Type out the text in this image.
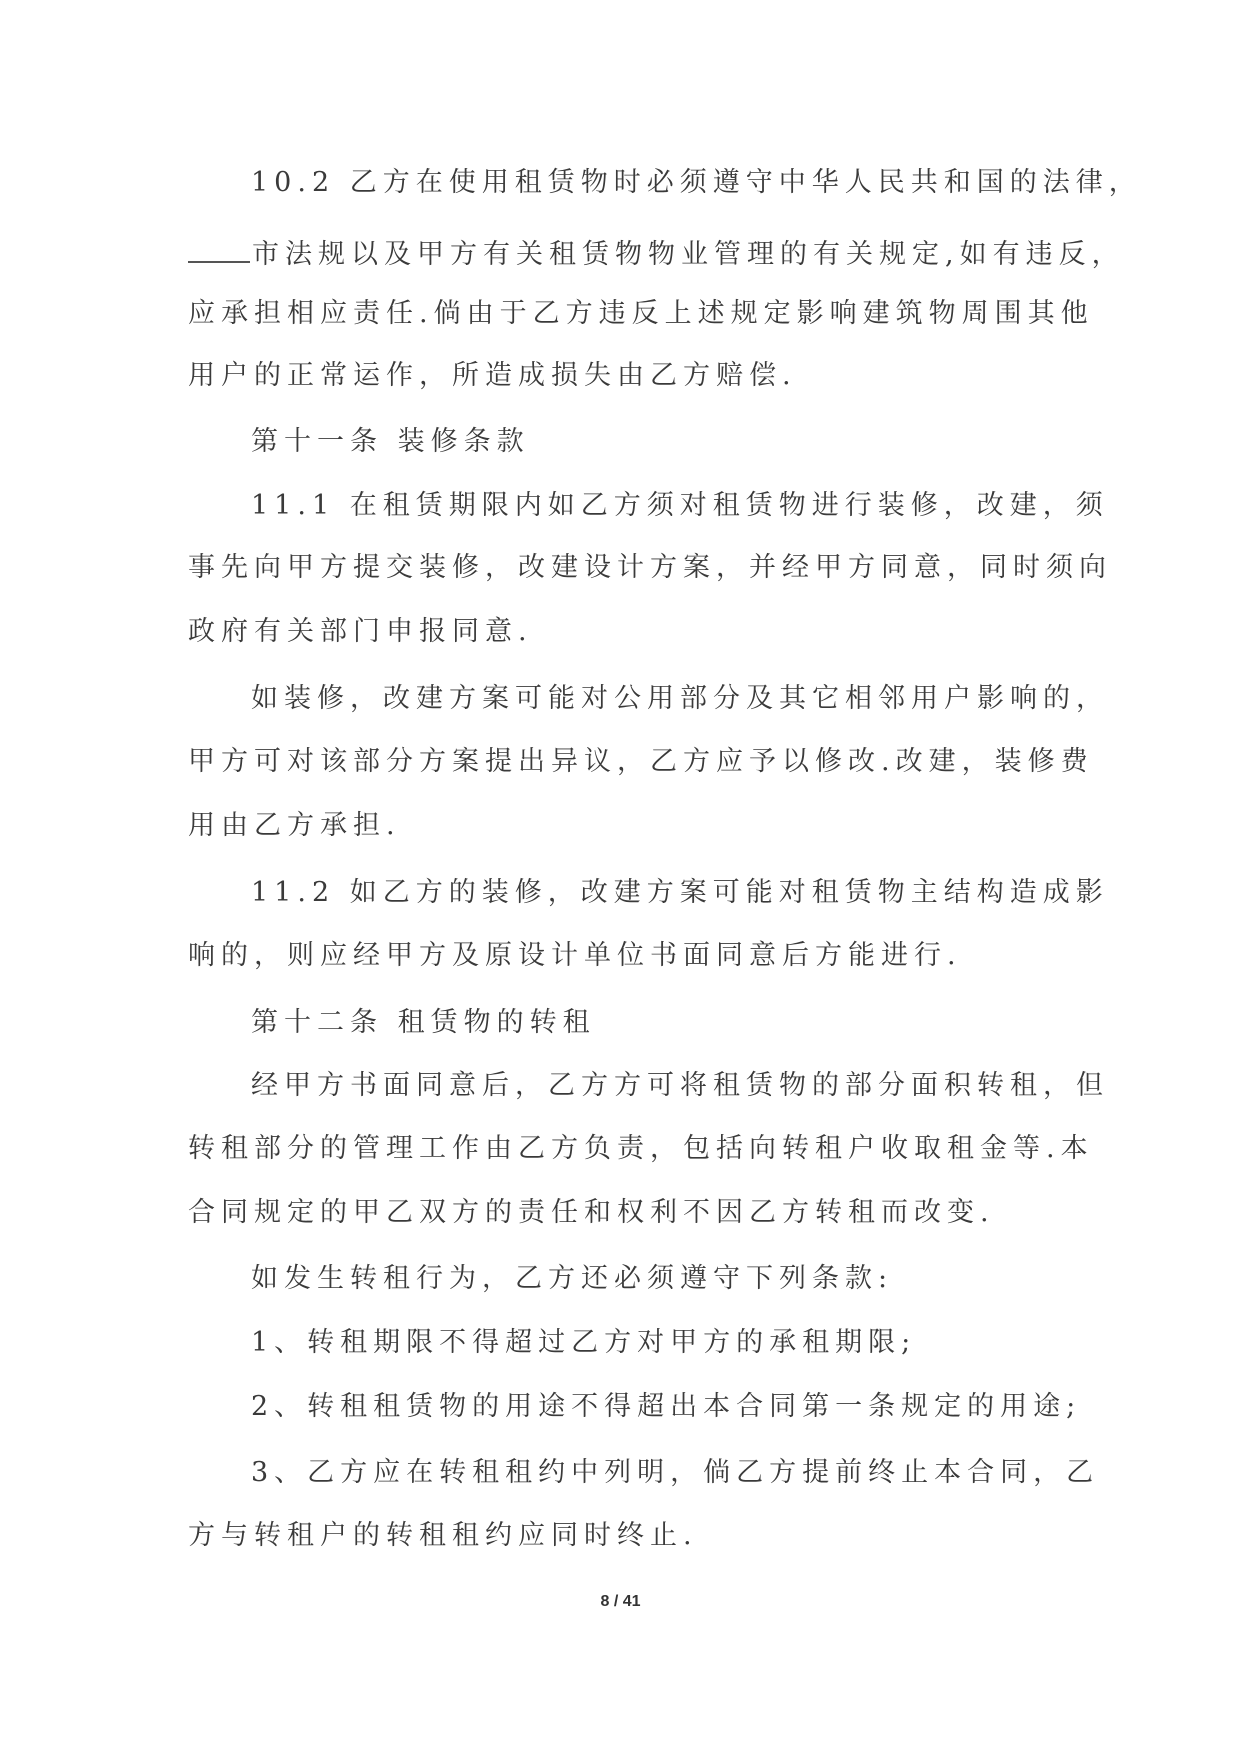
10.2 乙方在使用租赁物时必须遵守中华人民共和国的法律，
市法规以及甲方有关租赁物物业管理的有关规定,如有违反，
应承担相应责任.倘由于乙方违反上述规定影响建筑物周围其他
用户的正常运作，所造成损失由乙方赔偿.
第十一条 装修条款
11.1 在租赁期限内如乙方须对租赁物进行装修，改建，须
事先向甲方提交装修，改建设计方案，并经甲方同意，同时须向
政府有关部门申报同意.
如装修，改建方案可能对公用部分及其它相邻用户影响的，
甲方可对该部分方案提出异议，乙方应予以修改.改建，装修费
用由乙方承担.
11.2 如乙方的装修，改建方案可能对租赁物主结构造成影
响的，则应经甲方及原设计单位书面同意后方能进行.
第十二条 租赁物的转租
经甲方书面同意后，乙方方可将租赁物的部分面积转租，但
转租部分的管理工作由乙方负责，包括向转租户收取租金等.本
合同规定的甲乙双方的责任和权利不因乙方转租而改变.
如发生转租行为，乙方还必须遵守下列条款:
1、转租期限不得超过乙方对甲方的承租期限;
2、转租租赁物的用途不得超出本合同第一条规定的用途;
3、乙方应在转租租约中列明，倘乙方提前终止本合同，乙
方与转租户的转租租约应同时终止.
8 / 41
